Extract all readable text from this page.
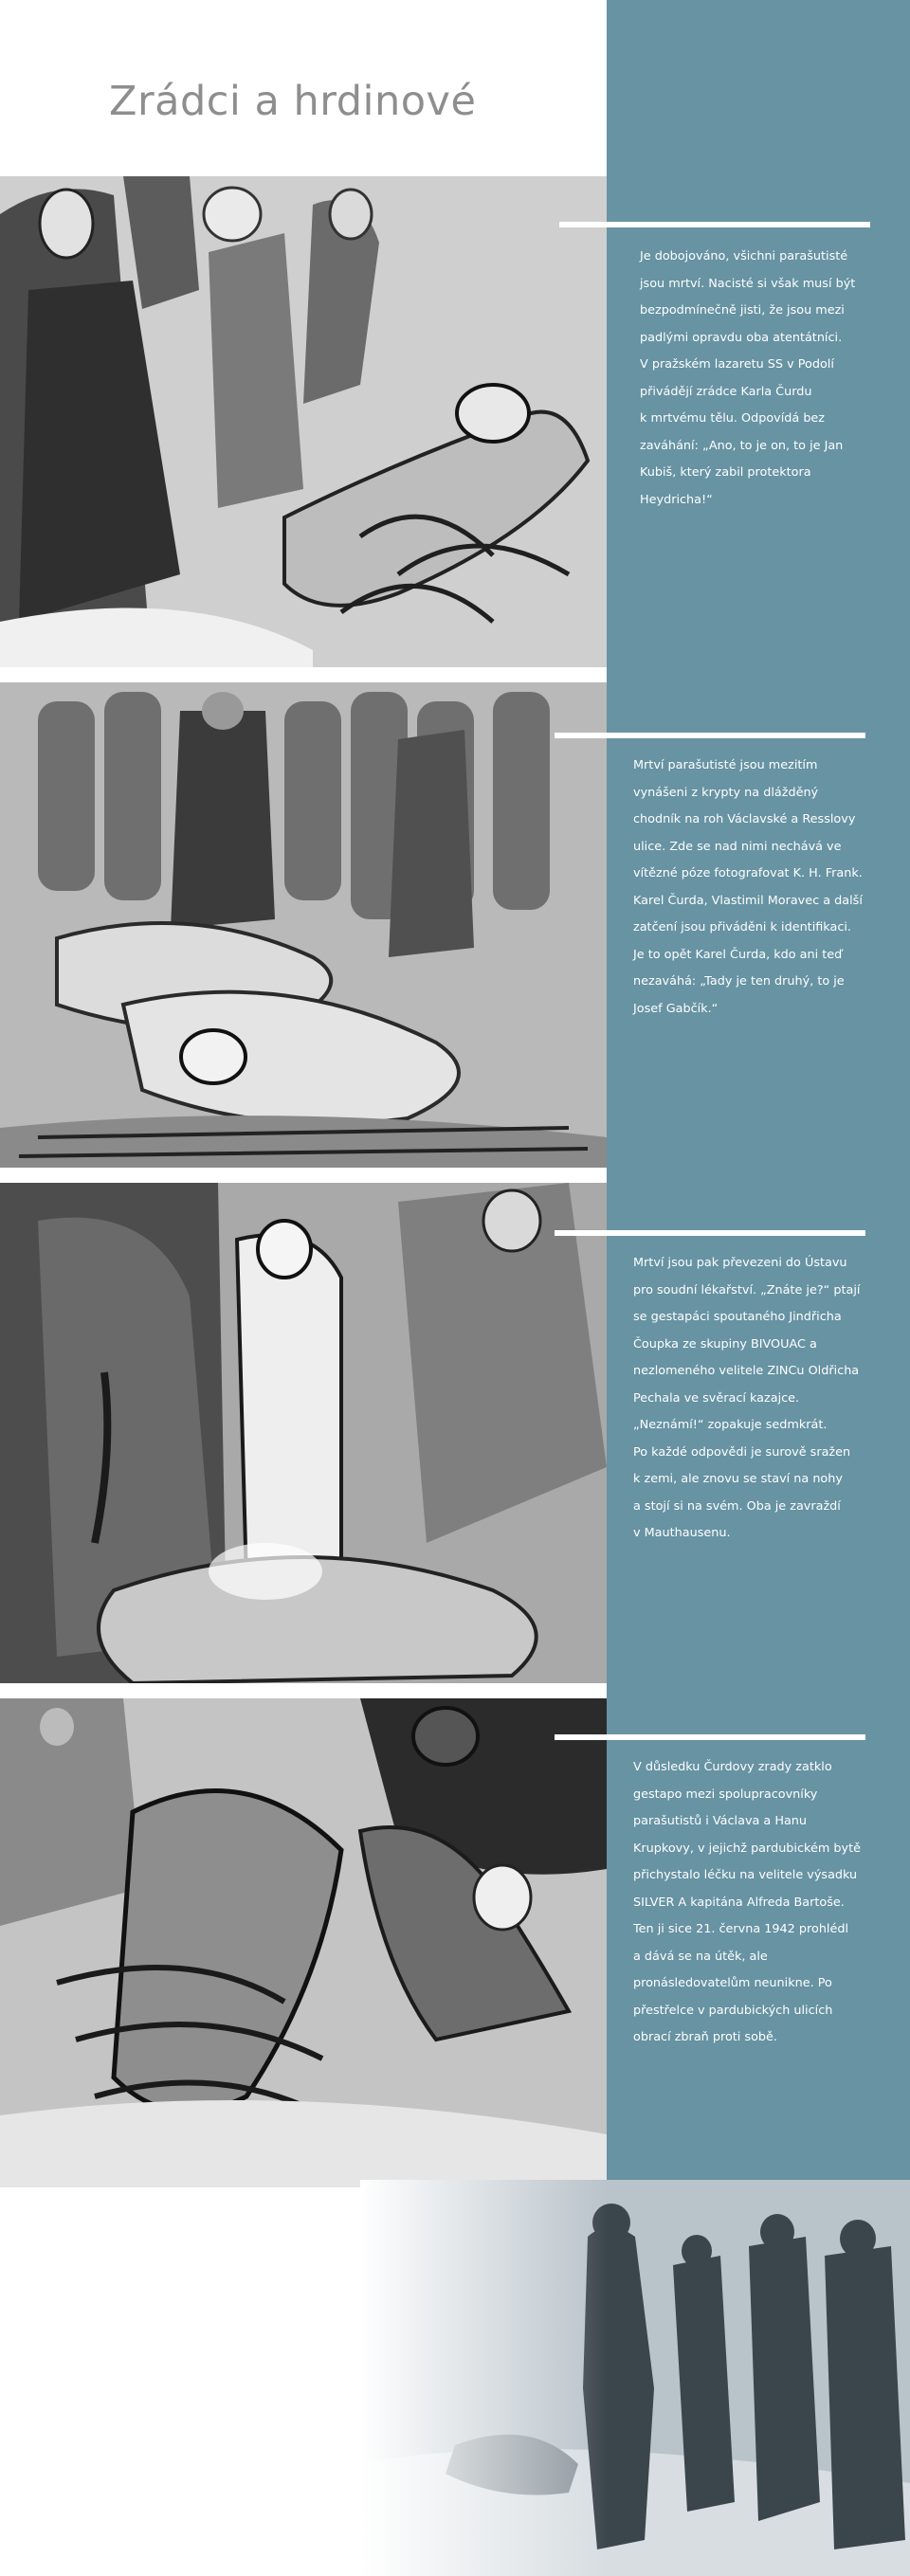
Zrádci a hrdinové

Je dobojováno, všichni parašutisté
jsou mrtví. Nacisté si však musí být
bezpodmínečně jisti, že jsou mezi
padlými opravdu oba atentátníci.
V pražském lazaretu SS v Podolí
přivádějí zrádce Karla Čurdu
k mrtvému tělu. Odpovídá bez
zaváhání: „Ano, to je on, to je Jan
Kubiš, který zabil protektora
Heydricha!“

Mrtví parašutisté jsou mezitím
vynášeni z krypty na dlážděný
chodník na roh Václavské a Resslovy
ulice. Zde se nad nimi nechává ve
vítězné póze fotografovat K. H. Frank.
Karel Čurda, Vlastimil Moravec a další
zatčení jsou přiváděni k identifikaci.
Je to opět Karel Čurda, kdo ani teď
nezaváhá: „Tady je ten druhý, to je
Josef Gabčík.“

Mrtví jsou pak převezeni do Ústavu
pro soudní lékařství. „Znáte je?“ ptají
se gestapáci spoutaného Jindřicha
Čoupka ze skupiny BIVOUAC a
nezlomeného velitele ZINCu Oldřicha
Pechala ve svěrací kazajce.
„Neznámí!“ zopakuje sedmkrát.
Po každé odpovědi je surově sražen
k zemi, ale znovu se staví na nohy
a stojí si na svém. Oba je zavraždí
v Mauthausenu.

V důsledku Čurdovy zrady zatklo
gestapo mezi spolupracovníky
parašutistů i Václava a Hanu
Krupkovy, v jejichž pardubickém bytě
přichystalo léčku na velitele výsadku
SILVER A kapitána Alfreda Bartoše.
Ten ji sice 21. června 1942 prohlédl
a dává se na útěk, ale
pronásledovatelům neunikne. Po
přestřelce v pardubických ulicích
obrací zbraň proti sobě.
